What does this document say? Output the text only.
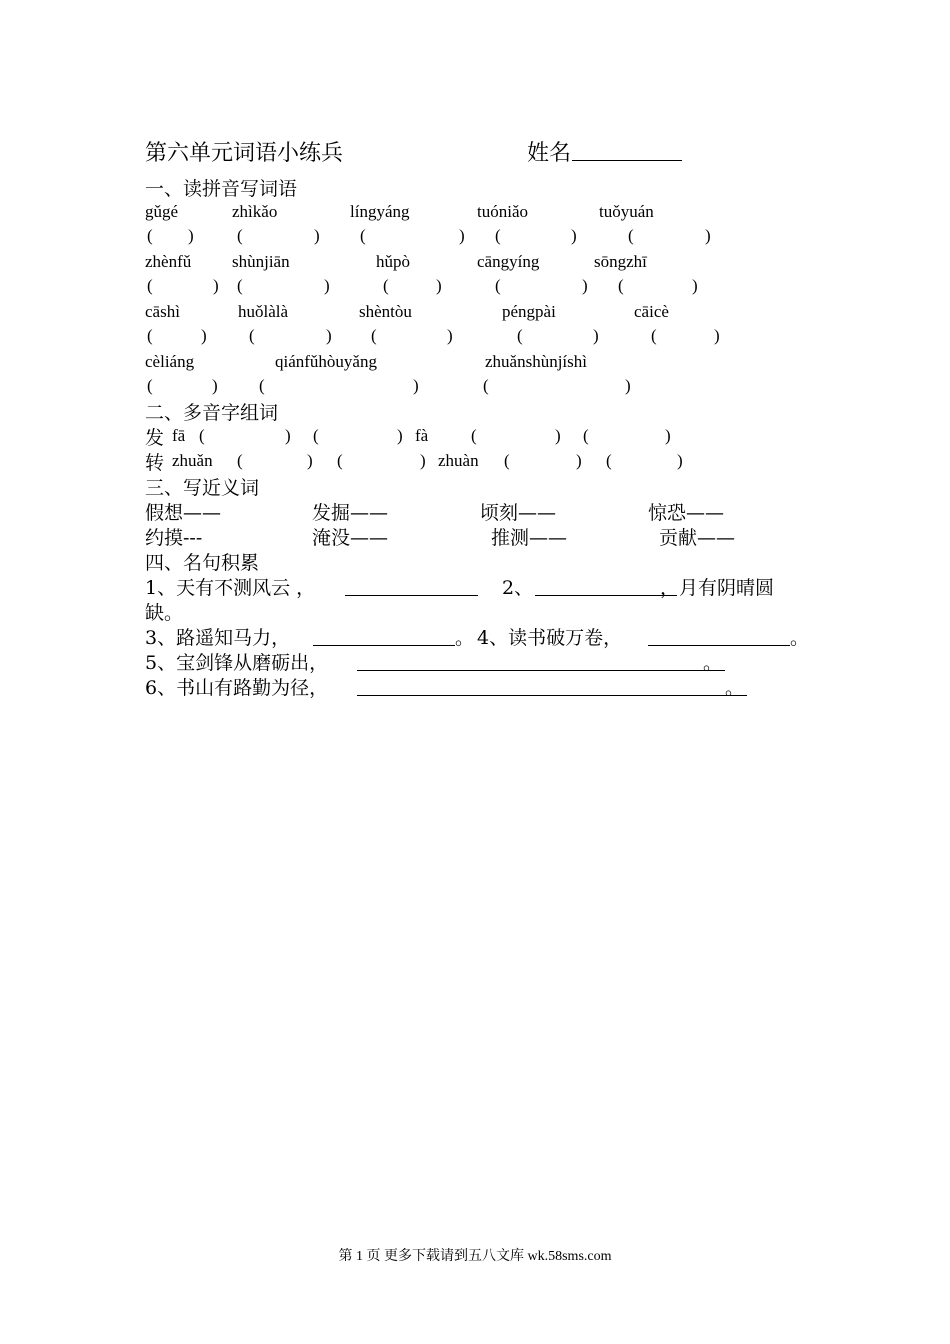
第六单元词语小练兵	姓名
一、读拼音写词语
gǔgé	zhìkǎo	língyáng	tuóniǎo	tuǒyuán
( )	(	) (	) (	)	(	)
zhènfǔ shùnjiān	hǔpò	cāngyíng	sōngzhī
(	) (	)	(	)	(	) (	)
cāshì	huǒlàlà	shèntòu	péngpài	cāicè
(	) (	) (	)	(	)	(	)
cèliáng	qiánfǔhòuyǎng	zhuǎnshùnjíshì
(	) (	)	(	)
二、多音字组词
发 fā (	) (	) fà	(	) (	)
转 zhuǎn (	) (	) zhuàn (	) (	)
三、写近义词
假想——	发掘——	顷刻——	惊恐——
约摸---	淹没——	推测——	贡献——
四、名句积累
1、天有不测风云 ，	2、	，月有阴晴圆
缺。
3、路遥知马力，	。 4、读书破万卷，	。
5、宝剑锋从磨砺出，	。
6、书山有路勤为径，	。
第 1 页 更多下载请到五八文库 wk.58sms.com
